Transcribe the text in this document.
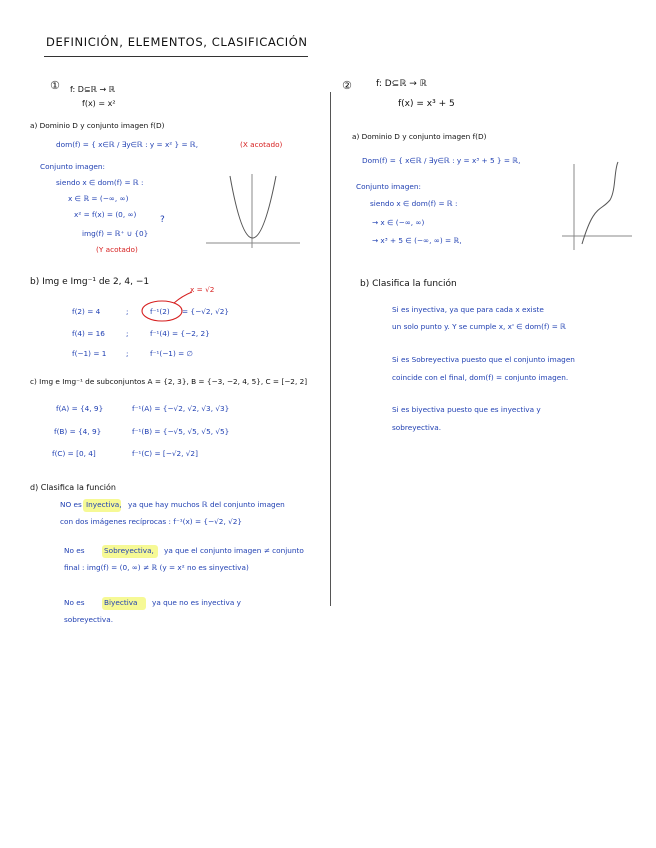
DEFINICIÓN, ELEMENTOS, CLASIFICACIÓN
① f: D⊆ℝ → ℝ
f(x) = x²
a) Dominio D y conjunto imagen f(D)
dom(f) = { x∈ℝ / ∃y∈ℝ : y = x² } = ℝ,	(X acotado)
Conjunto imagen:
siendo x ∈ dom(f) = ℝ :
x ∈ ℝ = (−∞, ∞)
x² = f(x) = (0, ∞)
?
img(f) = ℝ⁺ ∪ {0}
(Y acotado)
b) Img e Img⁻¹ de 2, 4, −1
x = √2
f(2) = 4	;	f⁻¹(2) = {−√2, √2}
f(4) = 16	;	f⁻¹(4) = {−2, 2}
f(−1) = 1	;	f⁻¹(−1) = ∅
c) Img e Img⁻¹ de subconjuntos A = {2, 3}, B = {−3, −2, 4, 5}, C = [−2, 2]
f(A) = {4, 9}	f⁻¹(A) = {−√2, √2, √3, √3}
f(B) = {4, 9}	f⁻¹(B) = {−√5, √5, √5, √5}
f(C) = [0, 4]	f⁻¹(C) = [−√2, √2]
d) Clasifica la función
NO es Inyectiva, ya que hay muchos ℝ del conjunto imagen
con dos imágenes recíprocas : f⁻¹(x) = {−√2, √2}
No es	Sobreyectiva, ya que el conjunto imagen ≠ conjunto
final : img(f) = (0, ∞) ≠ ℝ (y = x² no es sinyectiva)
No es	Biyectiva ya que no es inyectiva y
sobreyectiva.
②	f: D⊆ℝ → ℝ
f(x) = x³ + 5
a) Dominio D y conjunto imagen f(D)
Dom(f) = { x∈ℝ / ∃y∈ℝ : y = x³ + 5 } = ℝ,
Conjunto imagen:
siendo x ∈ dom(f) = ℝ :
→ x ∈ (−∞, ∞)
→ x³ + 5 ∈ (−∞, ∞) = ℝ,
b) Clasifica la función
Si es inyectiva, ya que para cada x existe
un solo punto y. Y se cumple x, x' ∈ dom(f) = ℝ
Si es Sobreyectiva puesto que el conjunto imagen
coincide con el final, dom(f) = conjunto imagen.
Si es biyectiva puesto que es inyectiva y
sobreyectiva.
